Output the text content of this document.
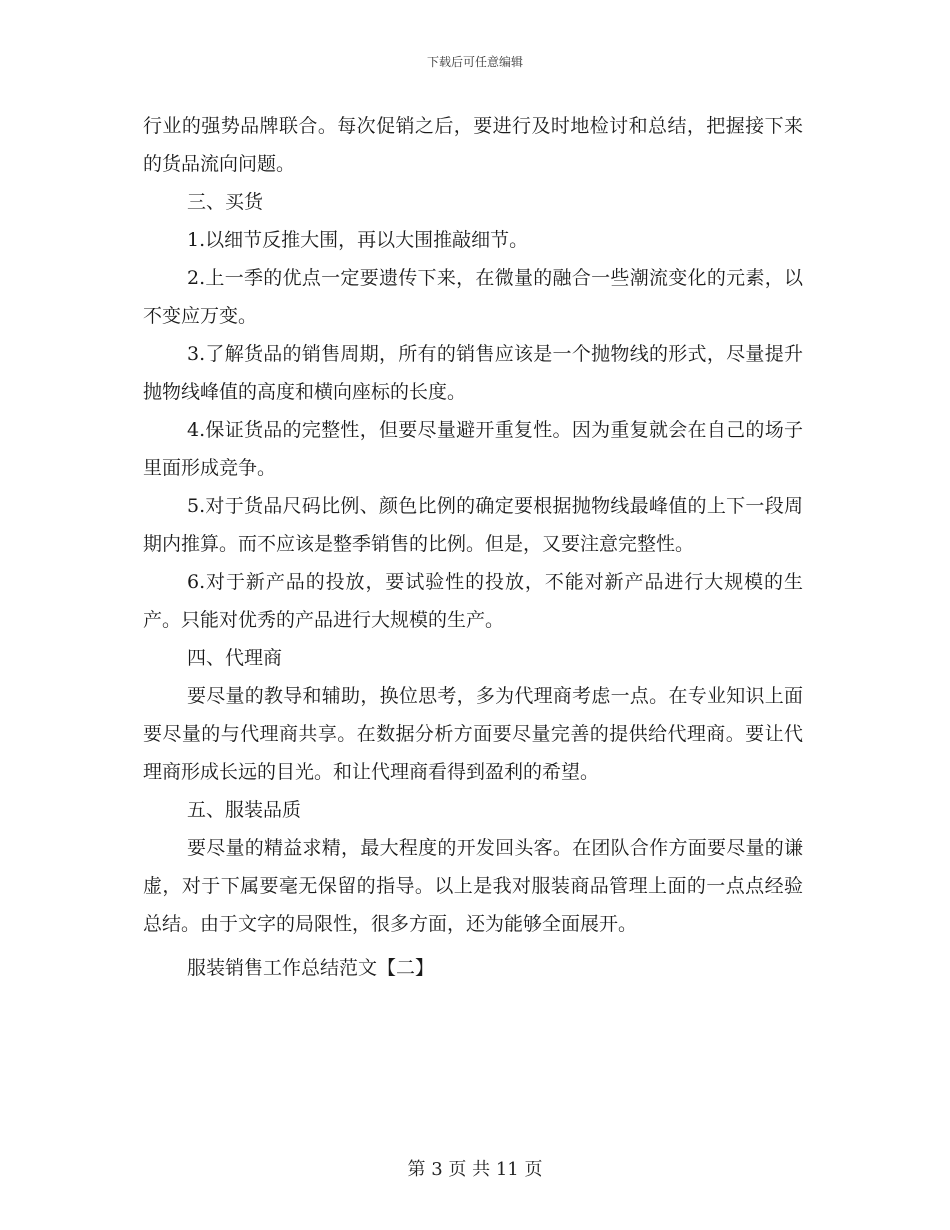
下载后可任意编辑

行业的强势品牌联合。每次促销之后，要进行及时地检讨和总结，把握接下来的货品流向问题。

三、买货

1.以细节反推大围，再以大围推敲细节。

2.上一季的优点一定要遗传下来，在微量的融合一些潮流变化的元素，以不变应万变。

3.了解货品的销售周期，所有的销售应该是一个抛物线的形式，尽量提升抛物线峰值的高度和横向座标的长度。

4.保证货品的完整性，但要尽量避开重复性。因为重复就会在自己的场子里面形成竞争。

5.对于货品尺码比例、颜色比例的确定要根据抛物线最峰值的上下一段周期内推算。而不应该是整季销售的比例。但是，又要注意完整性。

6.对于新产品的投放，要试验性的投放，不能对新产品进行大规模的生产。只能对优秀的产品进行大规模的生产。

四、代理商

要尽量的教导和辅助，换位思考，多为代理商考虑一点。在专业知识上面要尽量的与代理商共享。在数据分析方面要尽量完善的提供给代理商。要让代理商形成长远的目光。和让代理商看得到盈利的希望。

五、服装品质

要尽量的精益求精，最大程度的开发回头客。在团队合作方面要尽量的谦虚，对于下属要毫无保留的指导。以上是我对服装商品管理上面的一点点经验总结。由于文字的局限性，很多方面，还为能够全面展开。

服装销售工作总结范文【二】

第 3 页 共 11 页
